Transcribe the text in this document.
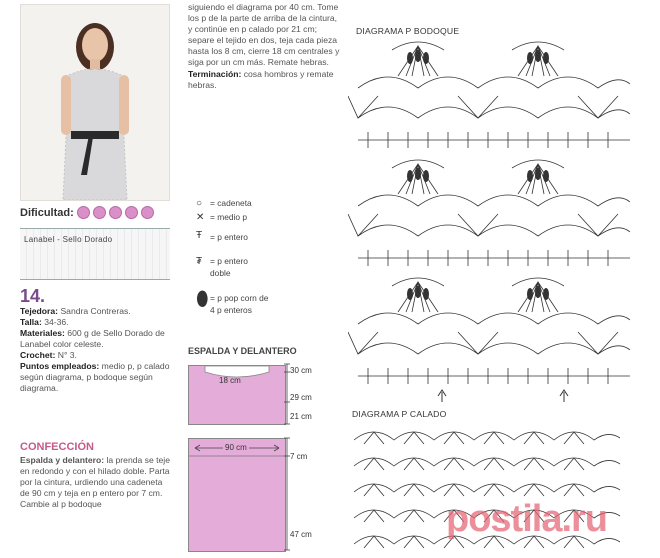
Dificultad:
Lanabel - Sello Dorado
14.
Tejedora: Sandra Contreras.
Talla: 34-36.
Materiales: 600 g de Sello Dorado de Lanabel color celeste.
Crochet: N° 3.
Puntos empleados: medio p, p calado según diagrama, p bodoque según diagrama.
CONFECCIÓN
Espalda y delantero: la prenda se teje en redondo y con el hilado doble. Parta por la cintura, urdiendo una cadeneta de 90 cm y teja en p entero por 7 cm. Cambie al p bodoque
siguiendo el diagrama por 40 cm. Tome los p de la parte de arriba de la cintura, y continúe en p calado por 21 cm; separe el tejido en dos, teja cada pieza hasta los 8 cm, cierre 18 cm centrales y siga por un cm más. Remate hebras.
Terminación: cosa hombros y remate hebras.
○ = cadeneta
✕ = medio p
Ŧ = p entero
₮ = p entero
doble
⬮ = p pop corn de
4 p enteros
ESPALDA Y DELANTERO
18 cm
30 cm
29 cm
21 cm
90 cm
7 cm
47 cm
DIAGRAMA P BODOQUE
DIAGRAMA P CALADO
postila.ru
